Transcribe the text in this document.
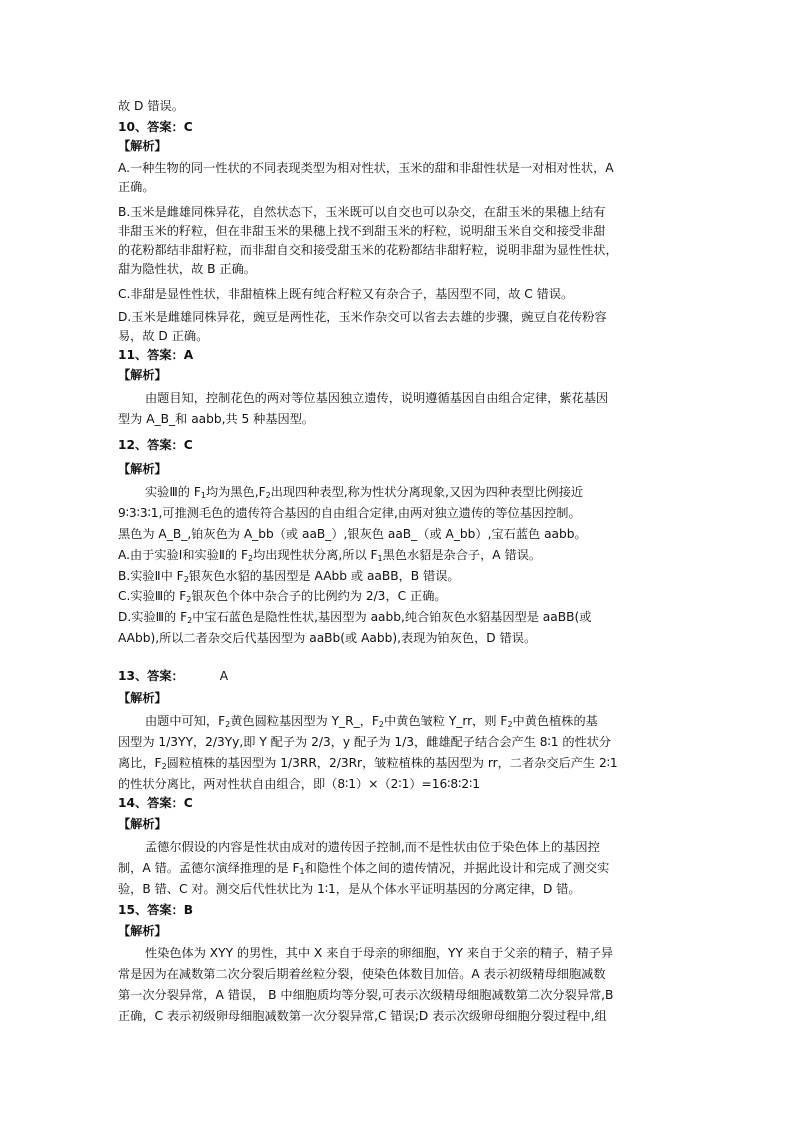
故 D 错误。
10、答案：C
【解析】
A.一种生物的同一性状的不同表现类型为相对性状，玉米的甜和非甜性状是一对相对性状，A
正确。
B.玉米是雌雄同株异花，自然状态下，玉米既可以自交也可以杂交，在甜玉米的果穗上结有
非甜玉米的籽粒，但在非甜玉米的果穗上找不到甜玉米的籽粒，说明甜玉米自交和接受非甜
的花粉都结非甜籽粒，而非甜自交和接受甜玉米的花粉都结非甜籽粒，说明非甜为显性性状，
甜为隐性状，故 B 正确。
C.非甜是显性性状，非甜植株上既有纯合籽粒又有杂合子，基因型不同，故 C 错误。
D.玉米是雌雄同株异花，豌豆是两性花，玉米作杂交可以省去去雄的步骤，豌豆自花传粉容
易，故 D 正确。
11、答案：A
【解析】
由题目知，控制花色的两对等位基因独立遗传，说明遵循基因自由组合定律，紫花基因
型为 A_B_和 aabb,共 5 种基因型。
12、答案：C
【解析】
实验Ⅲ的 $F_1$均为黑色$,F_2$出现四种表型,称为性状分离现象,又因为四种表型比例接近
9∶3∶3∶1,可推测毛色的遗传符合基因的自由组合定律,由两对独立遗传的等位基因控制。
黑色为 A_B_,铂灰色为 A_bb（或 aaB_）,银灰色 aaB_（或 A_bb）,宝石蓝色 aabb。
A.由于实验Ⅰ和实验Ⅱ的 $F_2$均出现性状分离,所以 $F_1$黑色水貂是杂合子，A 错误。
B.实验Ⅱ中 $F_2$银灰色水貂的基因型是 AAbb 或 aaBB，B 错误。
C.实验Ⅲ的 $F_2$银灰色个体中杂合子的比例约为 2/3，C 正确。
D.实验Ⅲ的 $F_2$中宝石蓝色是隐性性状,基因型为 aabb,纯合铂灰色水貂基因型是 aaBB(或
AAbb),所以二者杂交后代基因型为 aaBb(或 Aabb),表现为铂灰色，D 错误。
13、答案：	A
【解析】
由题中可知，$F_2$黄色圆粒基因型为 Y_R_，$F_2$中黄色皱粒 Y_rr，则 $F_2$中黄色植株的基
因型为 1/3YY，2/3Yy,即 Y 配子为 2/3，y 配子为 1/3，雌雄配子结合会产生 8∶1 的性状分
离比，$F_2$圆粒植株的基因型为 1/3RR，2/3Rr，皱粒植株的基因型为 rr，二者杂交后产生 2∶1
的性状分离比，两对性状自由组合，即（8∶1）×（2∶1）=16∶8∶2∶1
14、答案：C
【解析】
孟德尔假设的内容是性状由成对的遗传因子控制,而不是性状由位于染色体上的基因控
制，A 错。孟德尔演绎推理的是 $F_1$和隐性个体之间的遗传情况，并据此设计和完成了测交实
验，B 错、C 对。测交后代性状比为 1∶1，是从个体水平证明基因的分离定律，D 错。
15、答案：B
【解析】
性染色体为 XYY 的男性，其中 X 来自于母亲的卵细胞，YY 来自于父亲的精子，精子异
常是因为在减数第二次分裂后期着丝粒分裂，使染色体数目加倍。A 表示初级精母细胞减数
第一次分裂异常，A 错误， B 中细胞质均等分裂,可表示次级精母细胞减数第二次分裂异常,B
正确，C 表示初级卵母细胞减数第一次分裂异常,C 错误;D 表示次级卵母细胞分裂过程中,组
